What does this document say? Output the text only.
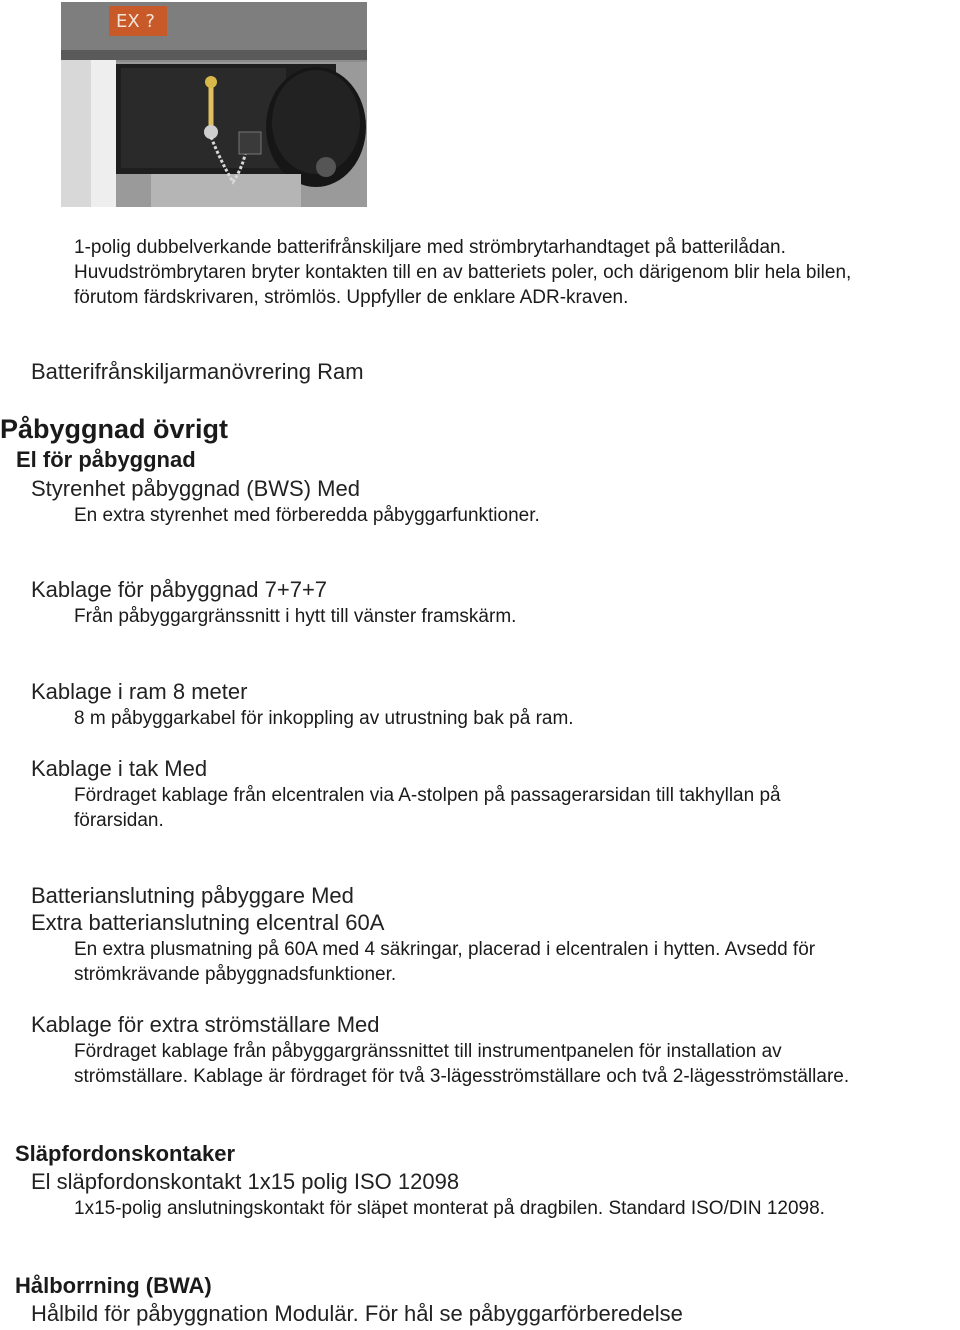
EX ?
1-polig dubbelverkande batterifrånskiljare med strömbrytarhandtaget på batterilådan.
Huvudströmbrytaren bryter kontakten till en av batteriets poler, och därigenom blir hela bilen,
förutom färdskrivaren, strömlös. Uppfyller de enklare ADR-kraven.
Batterifrånskiljarmanövrering Ram
Påbyggnad övrigt
El för påbyggnad
Styrenhet påbyggnad (BWS) Med
En extra styrenhet med förberedda påbyggarfunktioner.
Kablage för påbyggnad 7+7+7
Från påbyggargränssnitt i hytt till vänster framskärm.
Kablage i ram 8 meter
8 m påbyggarkabel för inkoppling av utrustning bak på ram.
Kablage i tak Med
Fördraget kablage från elcentralen via A-stolpen på passagerarsidan till takhyllan på
förarsidan.
Batterianslutning påbyggare Med
Extra batterianslutning elcentral 60A
En extra plusmatning på 60A med 4 säkringar, placerad i elcentralen i hytten. Avsedd för
strömkrävande påbyggnadsfunktioner.
Kablage för extra strömställare Med
Fördraget kablage från påbyggargränssnittet till instrumentpanelen för installation av
strömställare. Kablage är fördraget för två 3-lägesströmställare och två 2-lägesströmställare.
Släpfordonskontaker
El släpfordonskontakt 1x15 polig ISO 12098
1x15-polig anslutningskontakt för släpet monterat på dragbilen. Standard ISO/DIN 12098.
Hålborrning (BWA)
Hålbild för påbyggnation Modulär. För hål se påbyggarförberedelse
